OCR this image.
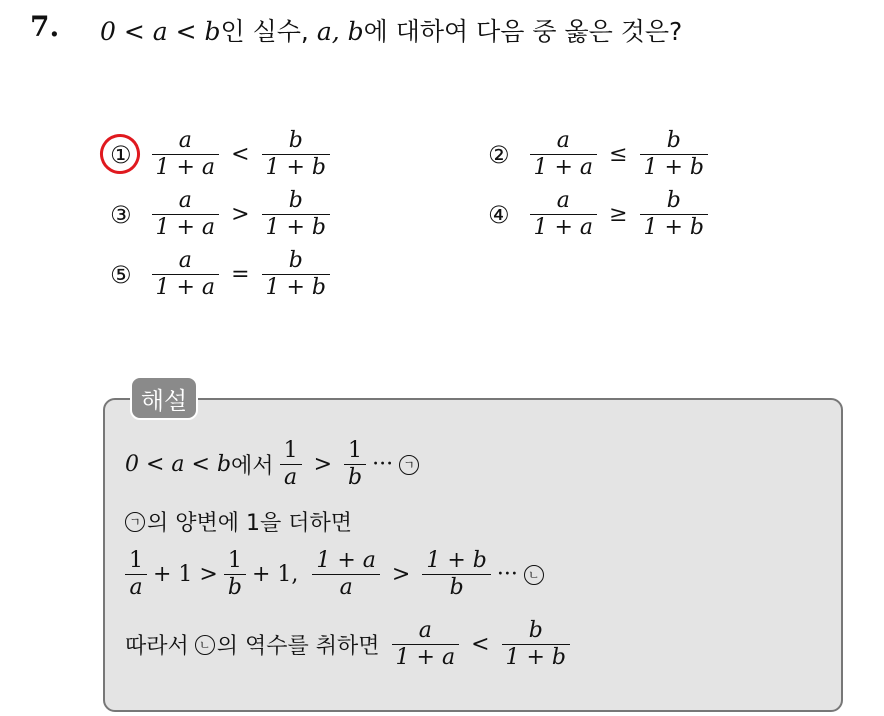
7. 0 < a < b인 실수, a, b에 대하여 다음 중 옳은 것은?
① $\frac{a}{1 + a} < \frac{b}{1 + b}$	② $\frac{a}{1 + a} \le \frac{b}{1 + b}$
③ $\frac{a}{1 + a} > \frac{b}{1 + b}$	④ $\frac{a}{1 + a} \ge \frac{b}{1 + b}$
⑤ $\frac{a}{1 + a} = \frac{b}{1 + b}$
해설
0 < a < b 에서 $\frac{1}{a} > \frac{1}{b}$ ··· ㄱ
ㄱ 의 양변에 1을 더하면
$\frac{1}{a} + 1 > \frac{1}{b} + 1$, $\frac{1 + a}{a} > \frac{1 + b}{b}$ ··· ㄴ
따라서 ㄴ 의 역수를 취하면 $\frac{a}{1 + a} < \frac{b}{1 + b}$
